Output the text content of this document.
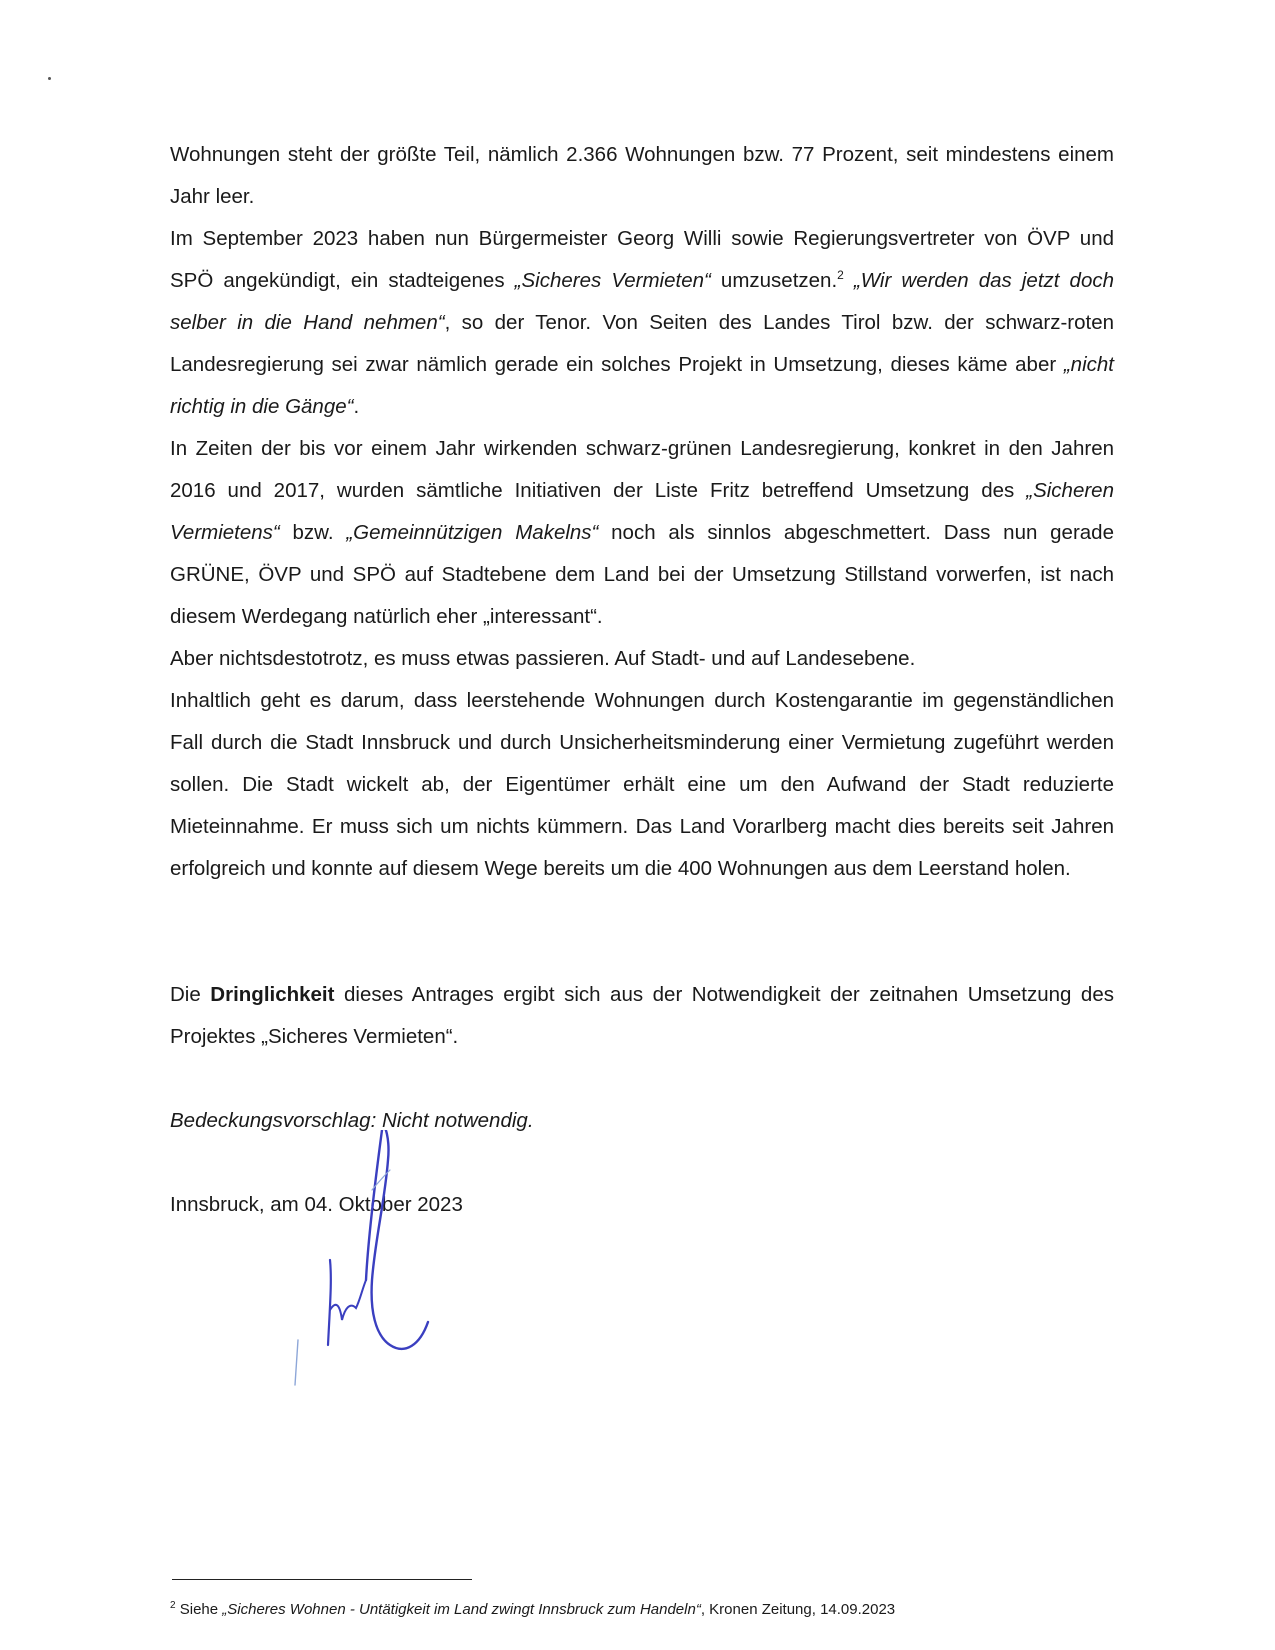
Wohnungen steht der größte Teil, nämlich 2.366 Wohnungen bzw. 77 Prozent, seit mindestens einem Jahr leer.

Im September 2023 haben nun Bürgermeister Georg Willi sowie Regierungsvertreter von ÖVP und SPÖ angekündigt, ein stadteigenes „Sicheres Vermieten“ umzusetzen.$^2$ „Wir werden das jetzt doch selber in die Hand nehmen“, so der Tenor. Von Seiten des Landes Tirol bzw. der schwarz-roten Landesregierung sei zwar nämlich gerade ein solches Projekt in Umsetzung, dieses käme aber „nicht richtig in die Gänge“.

In Zeiten der bis vor einem Jahr wirkenden schwarz-grünen Landesregierung, konkret in den Jahren 2016 und 2017, wurden sämtliche Initiativen der Liste Fritz betreffend Umsetzung des „Sicheren Vermietens“ bzw. „Gemeinnützigen Makelns“ noch als sinnlos abgeschmettert. Dass nun gerade GRÜNE, ÖVP und SPÖ auf Stadtebene dem Land bei der Umsetzung Stillstand vorwerfen, ist nach diesem Werdegang natürlich eher „interessant“.

Aber nichtsdestotrotz, es muss etwas passieren. Auf Stadt- und auf Landesebene.

Inhaltlich geht es darum, dass leerstehende Wohnungen durch Kostengarantie im gegenständlichen Fall durch die Stadt Innsbruck und durch Unsicherheitsminderung einer Vermietung zugeführt werden sollen. Die Stadt wickelt ab, der Eigentümer erhält eine um den Aufwand der Stadt reduzierte Mieteinnahme. Er muss sich um nichts kümmern. Das Land Vorarlberg macht dies bereits seit Jahren erfolgreich und konnte auf diesem Wege bereits um die 400 Wohnungen aus dem Leerstand holen.

Die Dringlichkeit dieses Antrages ergibt sich aus der Notwendigkeit der zeitnahen Umsetzung des Projektes „Sicheres Vermieten“.

Bedeckungsvorschlag: Nicht notwendig.

Innsbruck, am 04. Oktober 2023

$^2$ Siehe „Sicheres Wohnen - Untätigkeit im Land zwingt Innsbruck zum Handeln“, Kronen Zeitung, 14.09.2023
